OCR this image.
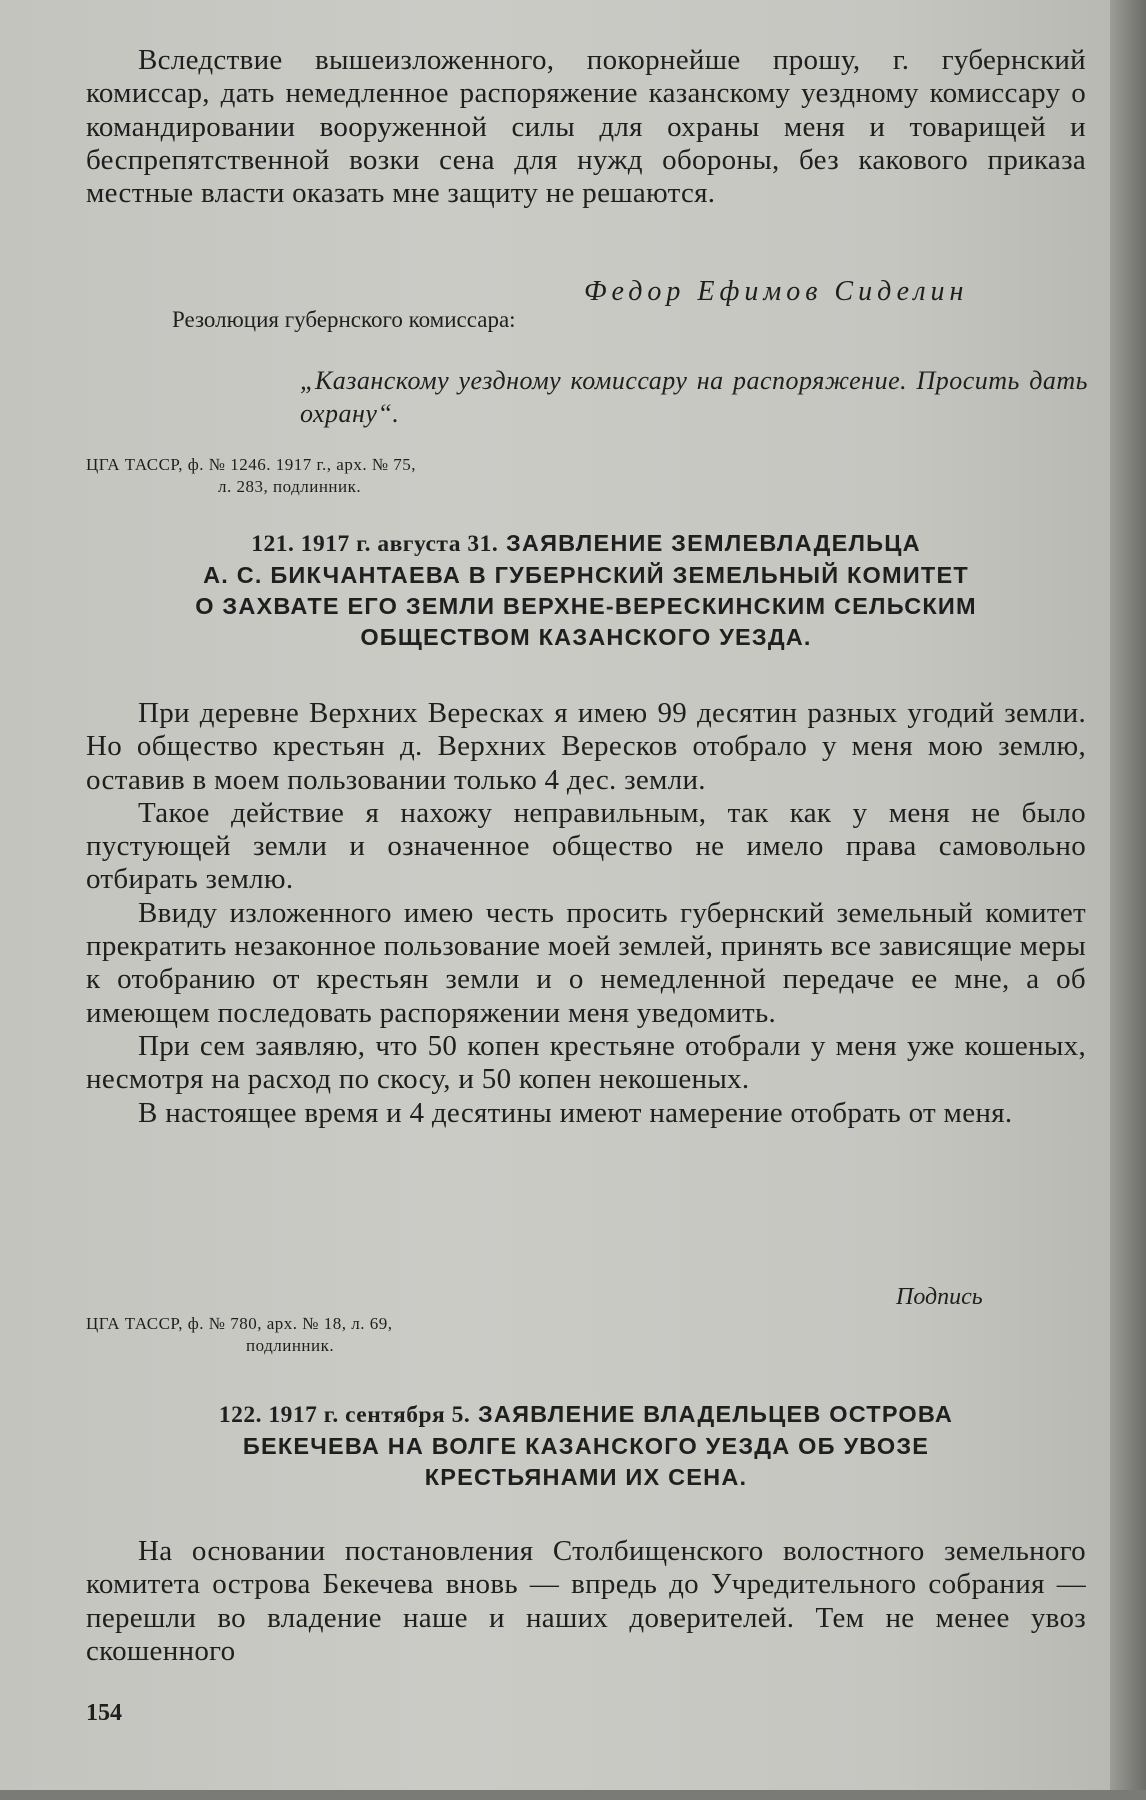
Вследствие вышеизложенного, покорнейше прошу, г. губернский комиссар, дать немедленное распоряжение казанскому уездному комиссару о командировании вооруженной силы для охраны меня и товарищей и беспрепятственной возки сена для нужд обороны, без какового приказа местные власти оказать мне защиту не решаются.

Федор Ефимов Сиделин
Резолюция губернского комиссара:
„Казанскому уездному комиссару на распоряжение. Просить дать охрану“.
ЦГА ТАССР, ф. № 1246. 1917 г., арх. № 75,
л. 283, подлинник.
121. 1917 г. августа 31. ЗАЯВЛЕНИЕ ЗЕМЛЕВЛАДЕЛЬЦА
А. С. БИКЧАНТАЕВА В ГУБЕРНСКИЙ ЗЕМЕЛЬНЫЙ КОМИТЕТ
О ЗАХВАТЕ ЕГО ЗЕМЛИ ВЕРХНЕ-ВЕРЕСКИНСКИМ СЕЛЬСКИМ
ОБЩЕСТВОМ КАЗАНСКОГО УЕЗДА.

При деревне Верхних Вересках я имею 99 десятин разных угодий земли. Но общество крестьян д. Верхних Вересков отобрало у меня мою землю, оставив в моем пользовании только 4 дес. земли.

Такое действие я нахожу неправильным, так как у меня не было пустующей земли и означенное общество не имело права самовольно отбирать землю.

Ввиду изложенного имею честь просить губернский земельный комитет прекратить незаконное пользование моей землей, принять все зависящие меры к отобранию от крестьян земли и о немедленной передаче ее мне, а об имеющем последовать распоряжении меня уведомить.

При сем заявляю, что 50 копен крестьяне отобрали у меня уже кошеных, несмотря на расход по скосу, и 50 копен некошеных.

В настоящее время и 4 десятины имеют намерение отобрать от меня.

Подпись
ЦГА ТАССР, ф. № 780, арх. № 18, л. 69,
подлинник.
122. 1917 г. сентября 5. ЗАЯВЛЕНИЕ ВЛАДЕЛЬЦЕВ ОСТРОВА
БЕКЕЧЕВА НА ВОЛГЕ КАЗАНСКОГО УЕЗДА ОБ УВОЗЕ
КРЕСТЬЯНАМИ ИХ СЕНА.

На основании постановления Столбищенского волостного земельного комитета острова Бекечева вновь — впредь до Учредительного собрания — перешли во владение наше и наших доверителей. Тем не менее увоз скошенного

154
